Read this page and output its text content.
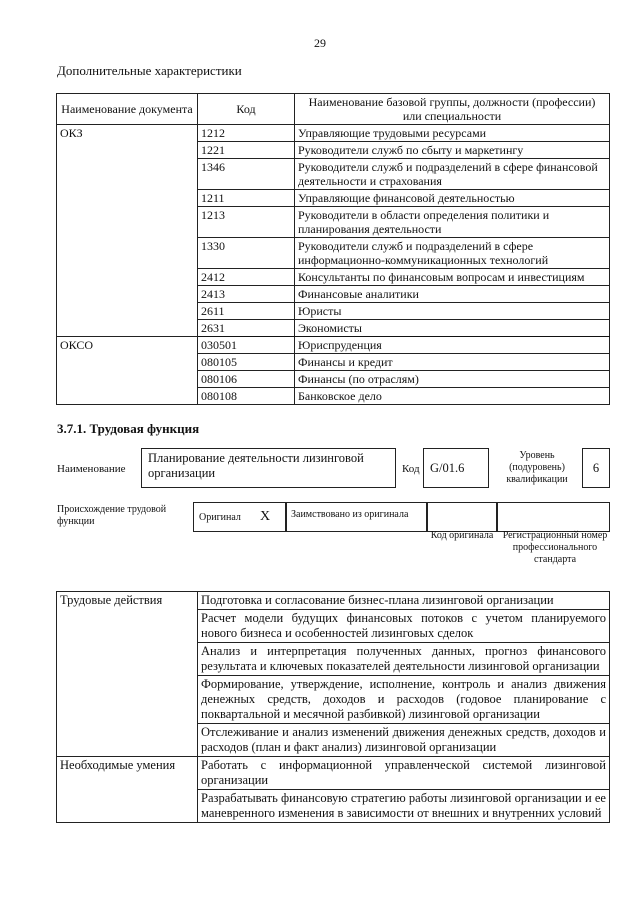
29
Дополнительные характеристики
Наименование документа	Код	Наименование базовой группы, должности (профессии) или специальности
ОКЗ	1212	Управляющие трудовыми ресурсами
	1221	Руководители служб по сбыту и маркетингу
	1346	Руководители служб и подразделений в сфере финансовой деятельности и страхования
	1211	Управляющие финансовой деятельностью
	1213	Руководители в области определения политики и планирования деятельности
	1330	Руководители служб и подразделений в сфере информационно-коммуникационных технологий
	2412	Консультанты по финансовым вопросам и инвестициям
	2413	Финансовые аналитики
	2611	Юристы
	2631	Экономисты
ОКСО	030501	Юриспруденция
	080105	Финансы и кредит
	080106	Финансы (по отраслям)
	080108	Банковское дело
3.7.1. Трудовая функция
Наименование
Планирование деятельности лизинговой организации	Код G/01.6
Уровень (подуровень) квалификации
6
Происхождение трудовой функции	Оригинал X	Заимствовано из оригинала
Код оригинала Регистрационный номер профессионального стандарта
Трудовые действия	Подготовка и согласование бизнес-плана лизинговой организации
	Расчет модели будущих финансовых потоков с учетом планируемого нового бизнеса и особенностей лизинговых сделок
	Анализ и интерпретация полученных данных, прогноз финансового результата и ключевых показателей деятельности лизинговой организации
	Формирование, утверждение, исполнение, контроль и анализ движения денежных средств, доходов и расходов (годовое планирование с поквартальной и месячной разбивкой) лизинговой организации
	Отслеживание и анализ изменений движения денежных средств, доходов и расходов (план и факт анализ) лизинговой организации
Необходимые умения	Работать с информационной управленческой системой лизинговой организации
	Разрабатывать финансовую стратегию работы лизинговой организации и ее маневренного изменения в зависимости от внешних и внутренних условий
